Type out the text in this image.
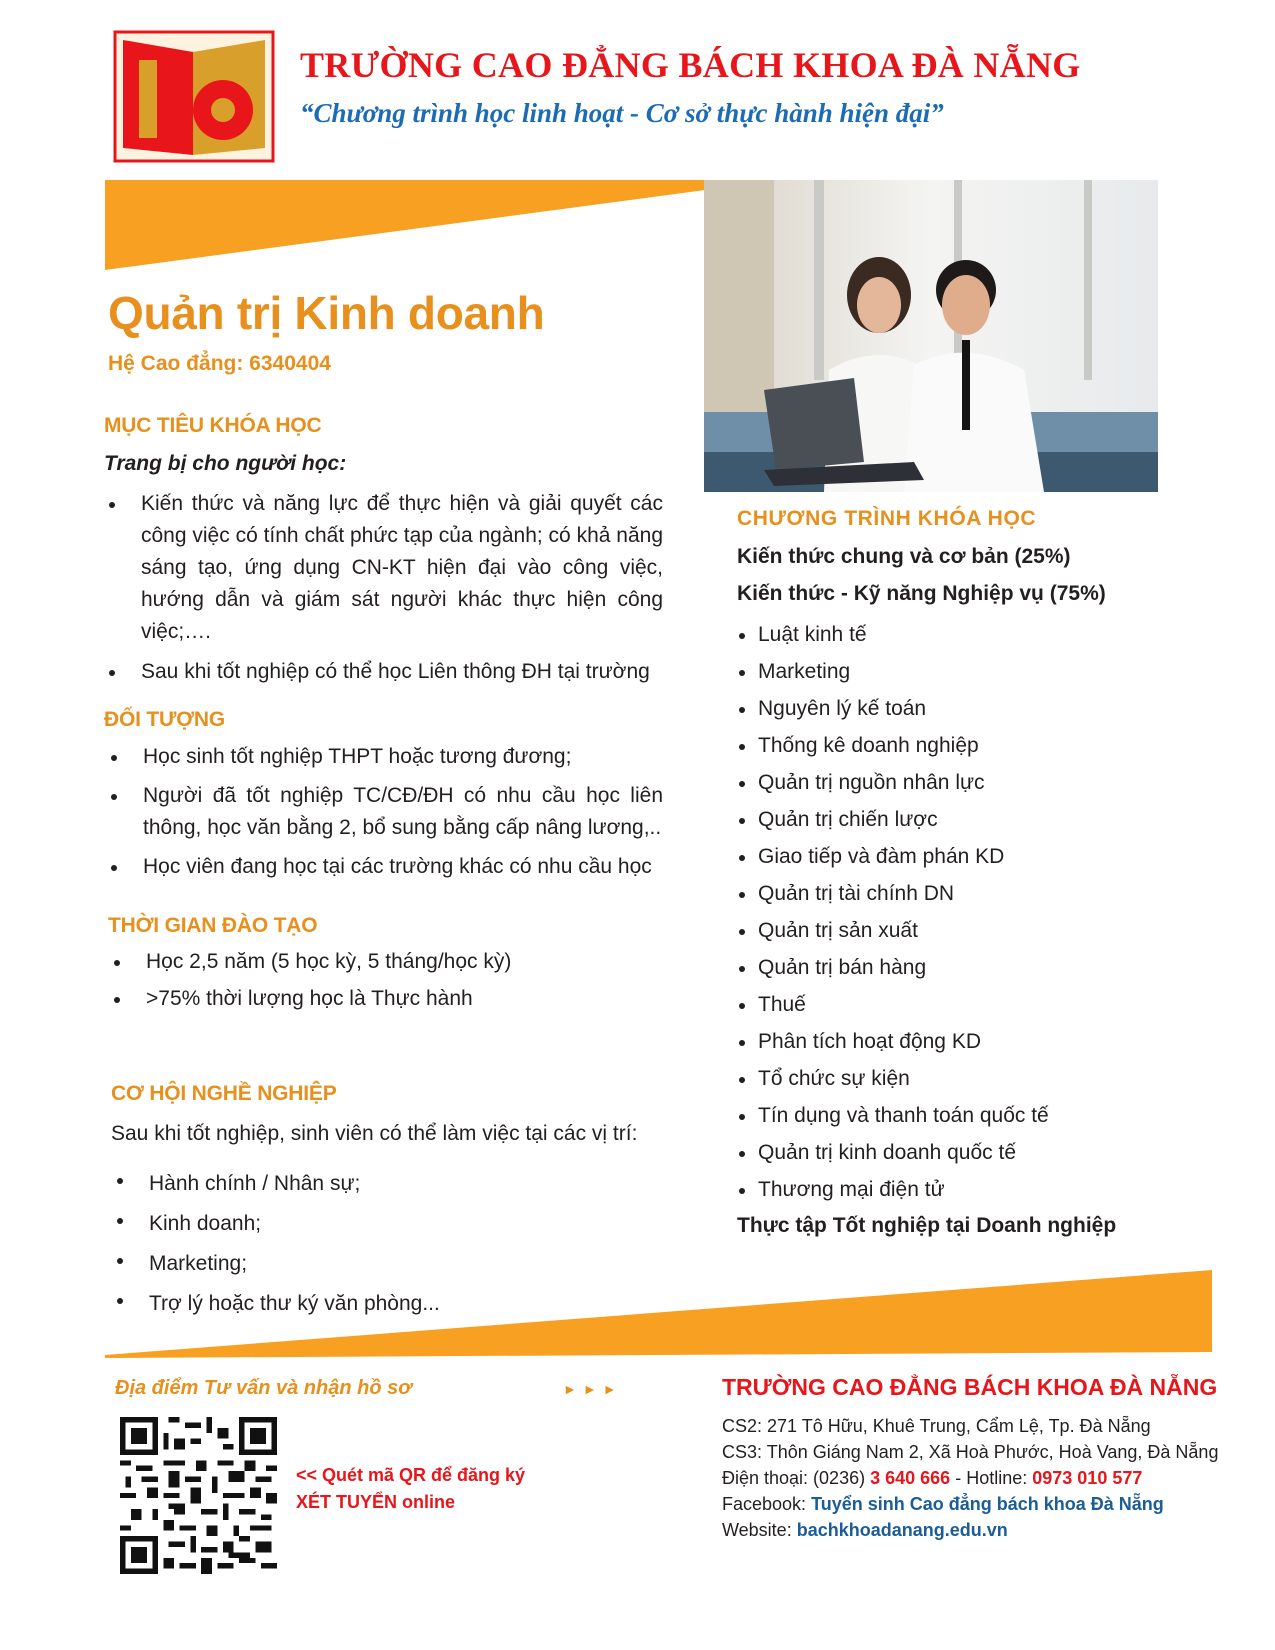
TRƯỜNG CAO ĐẲNG BÁCH KHOA ĐÀ NẴNG
“Chương trình học linh hoạt - Cơ sở thực hành hiện đại”
Quản trị Kinh doanh
Hệ Cao đẳng: 6340404
MỤC TIÊU KHÓA HỌC
Trang bị cho người học:
Kiến thức và năng lực để thực hiện và giải quyết các công việc có tính chất phức tạp của ngành; có khả năng sáng tạo, ứng dụng CN-KT hiện đại vào công việc, hướng dẫn và giám sát người khác thực hiện công việc;….
Sau khi tốt nghiệp có thể học Liên thông ĐH tại trường
ĐỐI TƯỢNG
Học sinh tốt nghiệp THPT hoặc tương đương;
Người đã tốt nghiệp TC/CĐ/ĐH có nhu cầu học liên thông, học văn bằng 2, bổ sung bằng cấp nâng lương,..
Học viên đang học tại các trường khác có nhu cầu học
THỜI GIAN ĐÀO TẠO
Học 2,5 năm (5 học kỳ, 5 tháng/học kỳ)
>75% thời lượng học là Thực hành
CƠ HỘI NGHỀ NGHIỆP
Sau khi tốt nghiệp, sinh viên có thể làm việc tại các vị trí:
Hành chính / Nhân sự;
Kinh doanh;
Marketing;
Trợ lý hoặc thư ký văn phòng...
CHƯƠNG TRÌNH KHÓA HỌC
Kiến thức chung và cơ bản (25%)
Kiến thức - Kỹ năng Nghiệp vụ (75%)
Luật kinh tế
Marketing
Nguyên lý kế toán
Thống kê doanh nghiệp
Quản trị nguồn nhân lực
Quản trị chiến lược
Giao tiếp và đàm phán KD
Quản trị tài chính DN
Quản trị sản xuất
Quản trị bán hàng
Thuế
Phân tích hoạt động KD
Tổ chức sự kiện
Tín dụng và thanh toán quốc tế
Quản trị kinh doanh quốc tế
Thương mại điện tử
Thực tập Tốt nghiệp tại Doanh nghiệp
Địa điểm Tư vấn và nhận hồ sơ	►►►
<< Quét mã QR để đăng ký XÉT TUYỂN online
TRƯỜNG CAO ĐẲNG BÁCH KHOA ĐÀ NẴNG
CS2: 271 Tô Hữu, Khuê Trung, Cẩm Lệ, Tp. Đà Nẵng
CS3: Thôn Giáng Nam 2, Xã Hoà Phước, Hoà Vang, Đà Nẵng
Điện thoại: (0236) 3 640 666 - Hotline: 0973 010 577
Facebook: Tuyển sinh Cao đẳng bách khoa Đà Nẵng
Website: bachkhoadanang.edu.vn
